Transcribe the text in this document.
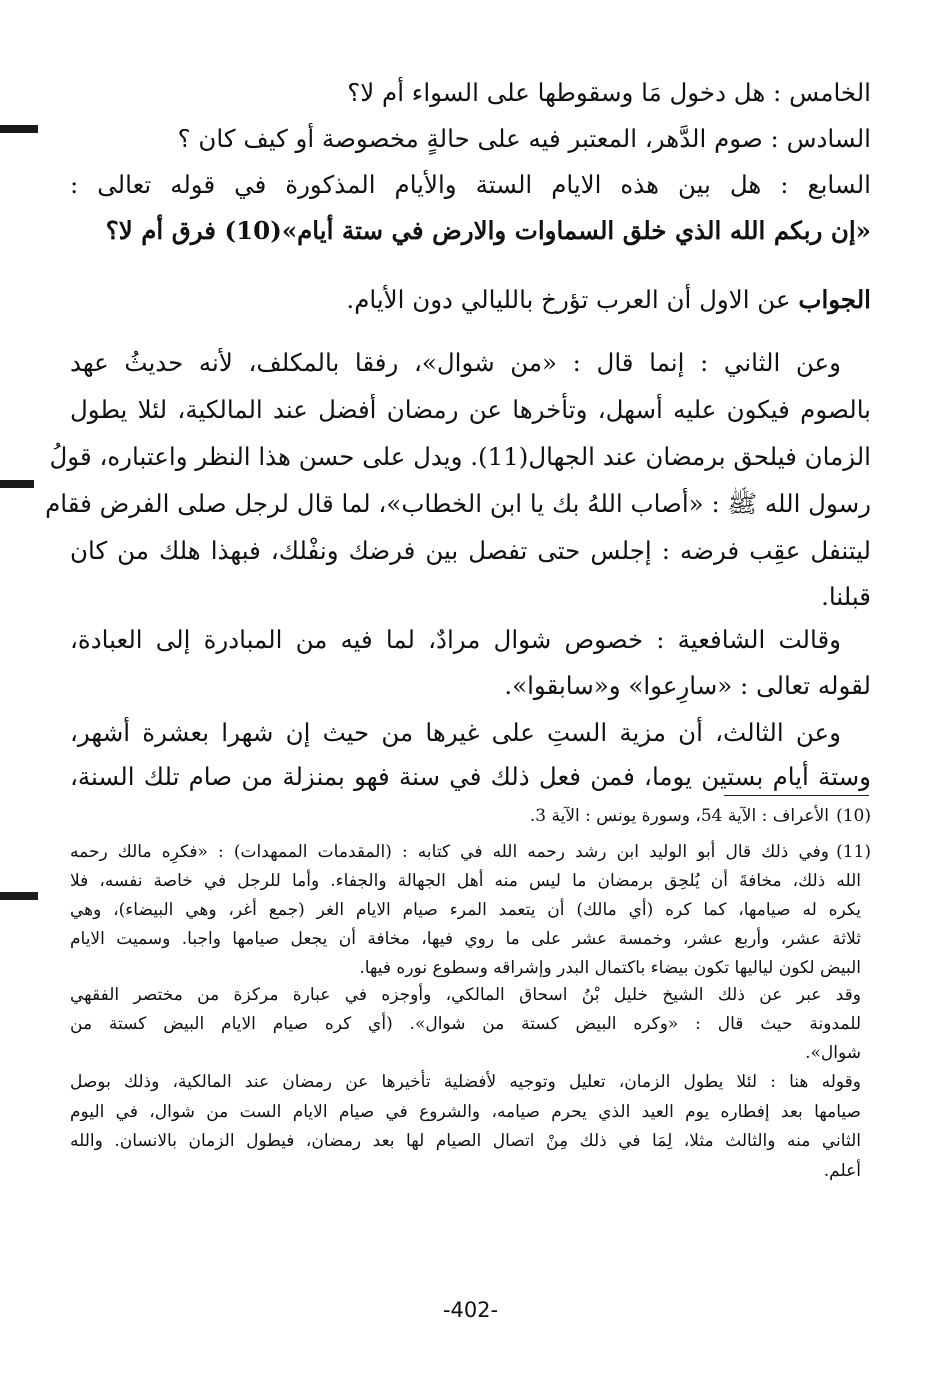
الخامس : هل دخول مَا وسقوطها على السواء أم لا؟
السادس : صوم الدَّهر، المعتبر فيه على حالةٍ مخصوصة أو كيف كان ؟
السابع : هل بين هذه الايام الستة والأيام المذكورة في قوله تعالى :
«إن ربكم الله الذي خلق السماوات والارض في ستة أيام»(10) فرق أم لا؟
الجواب عن الاول أن العرب تؤرخ بالليالي دون الأيام.
وعن الثاني : إنما قال : «من شوال»، رفقا بالمكلف، لأنه حديثُ عهد
بالصوم فيكون عليه أسهل، وتأخرها عن رمضان أفضل عند المالكية، لئلا يطول
الزمان فيلحق برمضان عند الجهال(11). ويدل على حسن هذا النظر واعتباره، قولُ
رسول الله ﷺ : «أصاب اللهُ بك يا ابن الخطاب»، لما قال لرجل صلى الفرض فقام
ليتنفل عقِب فرضه : إجلس حتى تفصل بين فرضك ونفْلك، فبهذا هلك من كان
قبلنا.
وقالت الشافعية : خصوص شوال مرادٌ، لما فيه من المبادرة إلى العبادة،
لقوله تعالى : «سارِعوا» و«سابقوا».
وعن الثالث، أن مزية الستِ على غيرها من حيث إن شهرا بعشرة أشهر،
وستة أيام بستين يوما، فمن فعل ذلك في سنة فهو بمنزلة من صام تلك السنة،
(10)
الأعراف : الآية 54، وسورة يونس : الآية 3.
(11)
وفي ذلك قال أبو الوليد ابن رشد رحمه الله في كتابه : (المقدمات الممهدات) : «فكرِه مالك رحمه
الله ذلك، مخافةَ أن يُلحِق برمضان ما ليس منه أهل الجهالة والجفاء. وأما للرجل في خاصة نفسه، فلا
يكره له صيامها، كما كره (أي مالك) أن يتعمد المرء صيام الايام الغر (جمع أغر، وهي البيضاء)، وهي
ثلاثة عشر، وأربع عشر، وخمسة عشر على ما روي فيها، مخافة أن يجعل صيامها واجبا. وسميت الايام
البيض لكون لياليها تكون بيضاء باكتمال البدر وإشراقه وسطوع نوره فيها.
وقد عبر عن ذلك الشيخ خليل بْنُ اسحاق المالكي، وأوجزه في عبارة مركزة من مختصر الفقهي
للمدونة حيث قال : «وكره البيض كستة من شوال». (أي كره صيام الايام البيض كستة من
شوال».
وقوله هنا : لئلا يطول الزمان، تعليل وتوجيه لأفضلية تأخيرها عن رمضان عند المالكية، وذلك بوصل
صيامها بعد إفطاره يوم العيد الذي يحرم صيامه، والشروع في صيام الايام الست من شوال، في اليوم
الثاني منه والثالث مثلا، لِمَا في ذلك مِنْ اتصال الصيام لها بعد رمضان، فيطول الزمان بالانسان. والله
أعلم.
-402-
